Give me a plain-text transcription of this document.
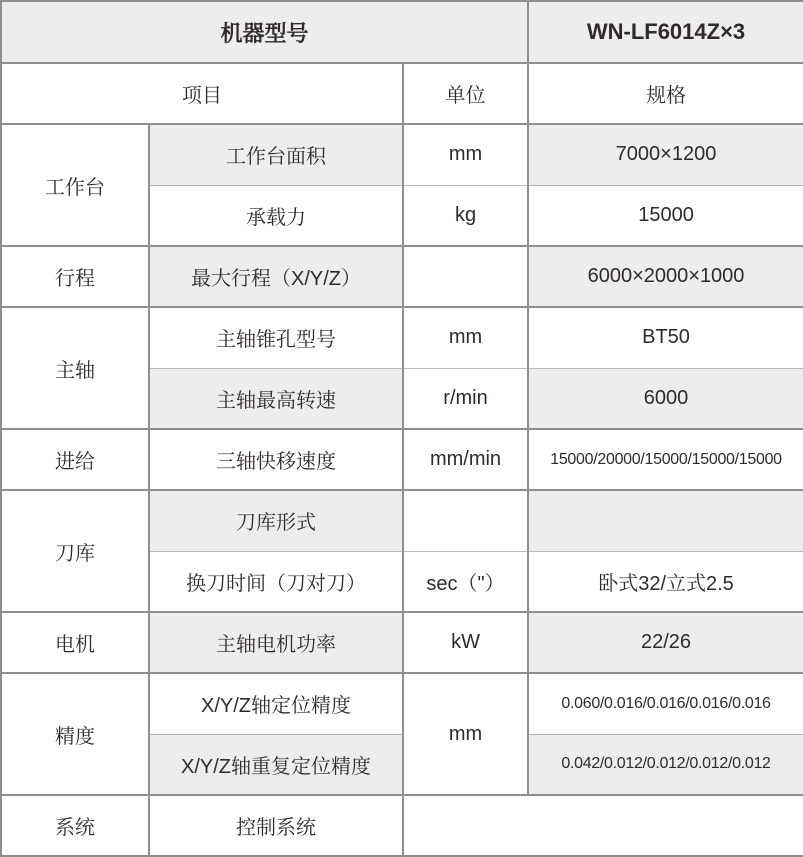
机器型号			WN-LF6014Z×3
项目		单位	规格
工作台	工作台面积	mm	7000×1200
	承载力	kg	15000
行程	最大行程（X/Y/Z）		6000×2000×1000
主轴	主轴锥孔型号	mm	BT50
	主轴最高转速	r/min	6000
进给	三轴快移速度	mm/min	15000/20000/15000/15000/15000
刀库	刀库形式		
	换刀时间（刀对刀）	sec（"）	卧式32/立式2.5
电机	主轴电机功率	kW	22/26
精度	X/Y/Z轴定位精度	mm	0.060/0.016/0.016/0.016/0.016
	X/Y/Z轴重复定位精度		0.042/0.012/0.012/0.012/0.012
系统	控制系统		
